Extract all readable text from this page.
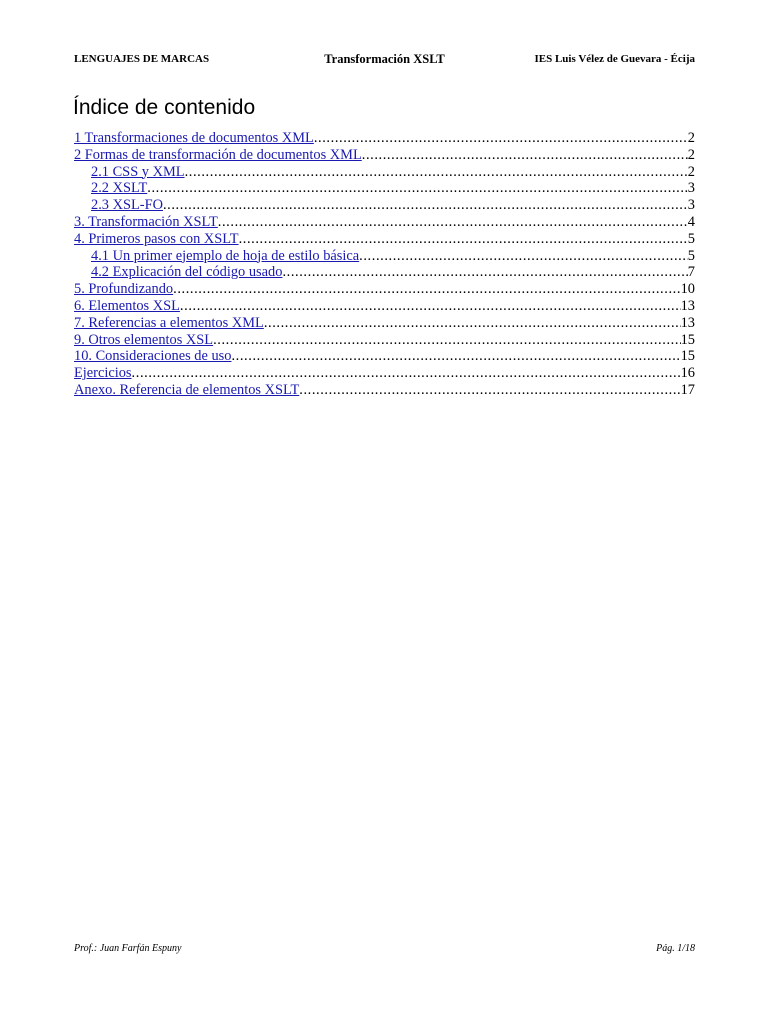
LENGUAJES DE MARCAS	Transformación XSLT	IES Luis Vélez de Guevara - Écija
Índice de contenido
1 Transformaciones de documentos XML .....	2
2 Formas de transformación de documentos XML .....	2
2.1 CSS y XML .....	2
2.2 XSLT .....	3
2.3 XSL-FO .....	3
3. Transformación XSLT .....	4
4. Primeros pasos con XSLT .....	5
4.1 Un primer ejemplo de hoja de estilo básica .....	5
4.2 Explicación del código usado .....	7
5. Profundizando .....	10
6. Elementos XSL .....	13
7. Referencias a elementos XML .....	13
9. Otros elementos XSL .....	15
10. Consideraciones de uso .....	15
Ejercicios .....	16
Anexo. Referencia de elementos XSLT .....	17
Prof.: Juan Farfán Espuny	Pág. 1/18
